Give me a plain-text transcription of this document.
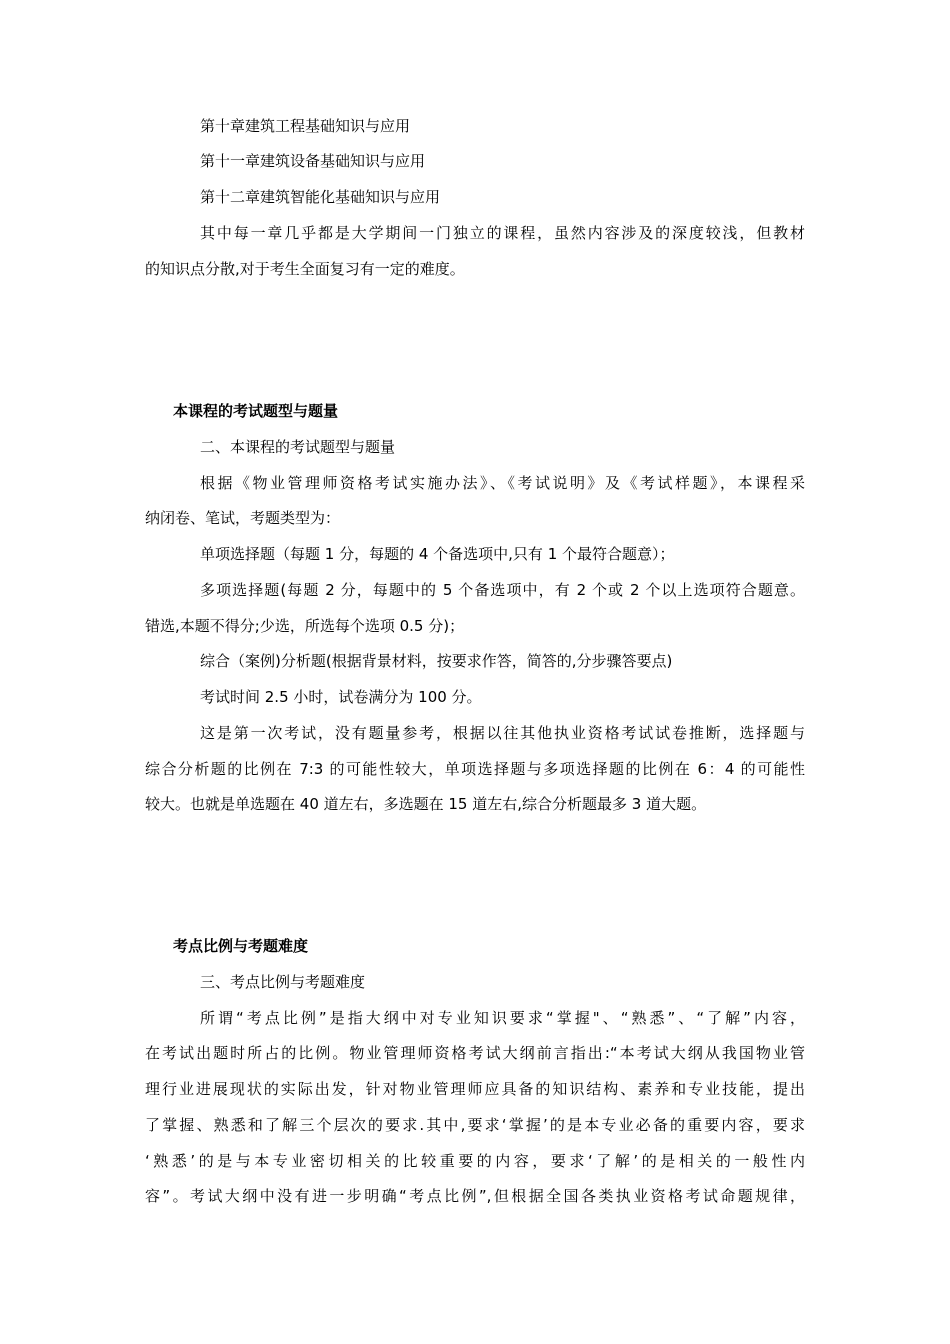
第十章建筑工程基础知识与应用
第十一章建筑设备基础知识与应用
第十二章建筑智能化基础知识与应用
其中每一章几乎都是大学期间一门独立的课程，虽然内容涉及的深度较浅，但教材
的知识点分散,对于考生全面复习有一定的难度。
本课程的考试题型与题量
二、本课程的考试题型与题量
根据《物业管理师资格考试实施办法》、《考试说明》及《考试样题》，本课程采
纳闭卷、笔试，考题类型为：
单项选择题（每题 1 分，每题的 4 个备选项中,只有 1 个最符合题意）；
多项选择题(每题 2 分，每题中的 5 个备选项中，有 2 个或 2 个以上选项符合题意。
错选,本题不得分;少选，所选每个选项 0.5 分)；
综合（案例)分析题(根据背景材料，按要求作答，简答的,分步骤答要点)
考试时间 2.5 小时，试卷满分为 100 分。
这是第一次考试，没有题量参考，根据以往其他执业资格考试试卷推断，选择题与
综合分析题的比例在 7:3 的可能性较大，单项选择题与多项选择题的比例在 6：4 的可能性
较大。也就是单选题在 40 道左右，多选题在 15 道左右,综合分析题最多 3 道大题。
考点比例与考题难度
三、考点比例与考题难度
所谓“考点比例”是指大纲中对专业知识要求“掌握"、“熟悉”、“了解”内容，
在考试出题时所占的比例。物业管理师资格考试大纲前言指出:“本考试大纲从我国物业管
理行业进展现状的实际出发，针对物业管理师应具备的知识结构、素养和专业技能，提出
了掌握、熟悉和了解三个层次的要求.其中,要求‘掌握’的是本专业必备的重要内容，要求
‘熟悉’的是与本专业密切相关的比较重要的内容，要求‘了解’的是相关的一般性内
容”。考试大纲中没有进一步明确“考点比例”,但根据全国各类执业资格考试命题规律，
